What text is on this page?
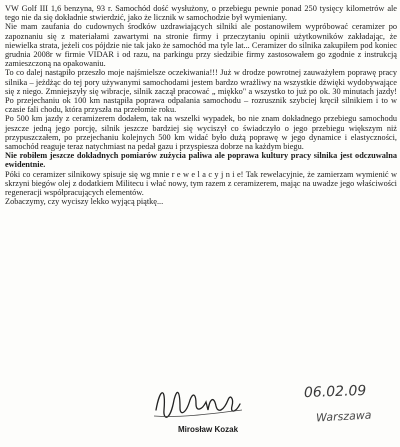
VW Golf III 1,6 benzyna, 93 r. Samochód dość wysłużony, o przebiegu pewnie ponad 250 tysięcy kilometrów ale tego nie da się dokładnie stwierdzić, jako że licznik w samochodzie był wymieniany.

Nie mam zaufania do cudownych środków uzdrawiających silniki ale postanowiłem wypróbować ceramizer po zapoznaniu się z materiałami zawartymi na stronie firmy i przeczytaniu opinii użytkowników zakładając, że niewielka strata, jeżeli cos pójdzie nie tak jako że samochód ma tyle lat... Ceramizer do silnika zakupiłem pod koniec grudnia 2008r w firmie VIDAR i od razu, na parkingu przy siedzibie firmy zastosowałem go zgodnie z instrukcją zamieszczoną na opakowaniu.

To co dalej nastąpiło przeszło moje najśmielsze oczekiwania!!! Już w drodze powrotnej zauważyłem poprawę pracy silnika – jeżdżąc do tej pory używanymi samochodami jestem bardzo wrażliwy na wszystkie dźwięki wydobywające się z niego. Zmniejszyły się wibracje, silnik zaczął pracować „ miękko" a wszystko to już po ok. 30 minutach jazdy! Po przejechaniu ok 100 km nastąpiła poprawa odpalania samochodu – rozrusznik szybciej kręcił silnikiem i to w czasie fali chodu, która przyszła na przełomie roku.

Po 500 km jazdy z ceramizerem dodałem, tak na wszelki wypadek, bo nie znam dokładnego przebiegu samochodu jeszcze jedną jego porcję, silnik jeszcze bardziej się wyciszył co świadczyło o jego przebiegu większym niż przypuszczałem, po przejechaniu kolejnych 500 km widać było dużą poprawę w jego dynamice i elastyczności, samochód reaguje teraz natychmiast na pedał gazu i przyspiesza dobrze na każdym biegu.

Nie robiłem jeszcze dokładnych pomiarów zużycia paliwa ale poprawa kultury pracy silnika jest odczuwalna ewidentnie.

Póki co ceramizer silnikowy spisuje się wg mnie r e w e l a c y j n i e! Tak rewelacyjnie, że zamierzam wymienić w skrzyni biegów olej z dodatkiem Militecu i włać nowy, tym razem z ceramizerem, mając na uwadze jego właściwości regeneracji współpracujących elementów.

Zobaczymy, czy wyciszy lekko wyjącą piątkę...

Mirosław Kozak
06.02.09
Warszawa
